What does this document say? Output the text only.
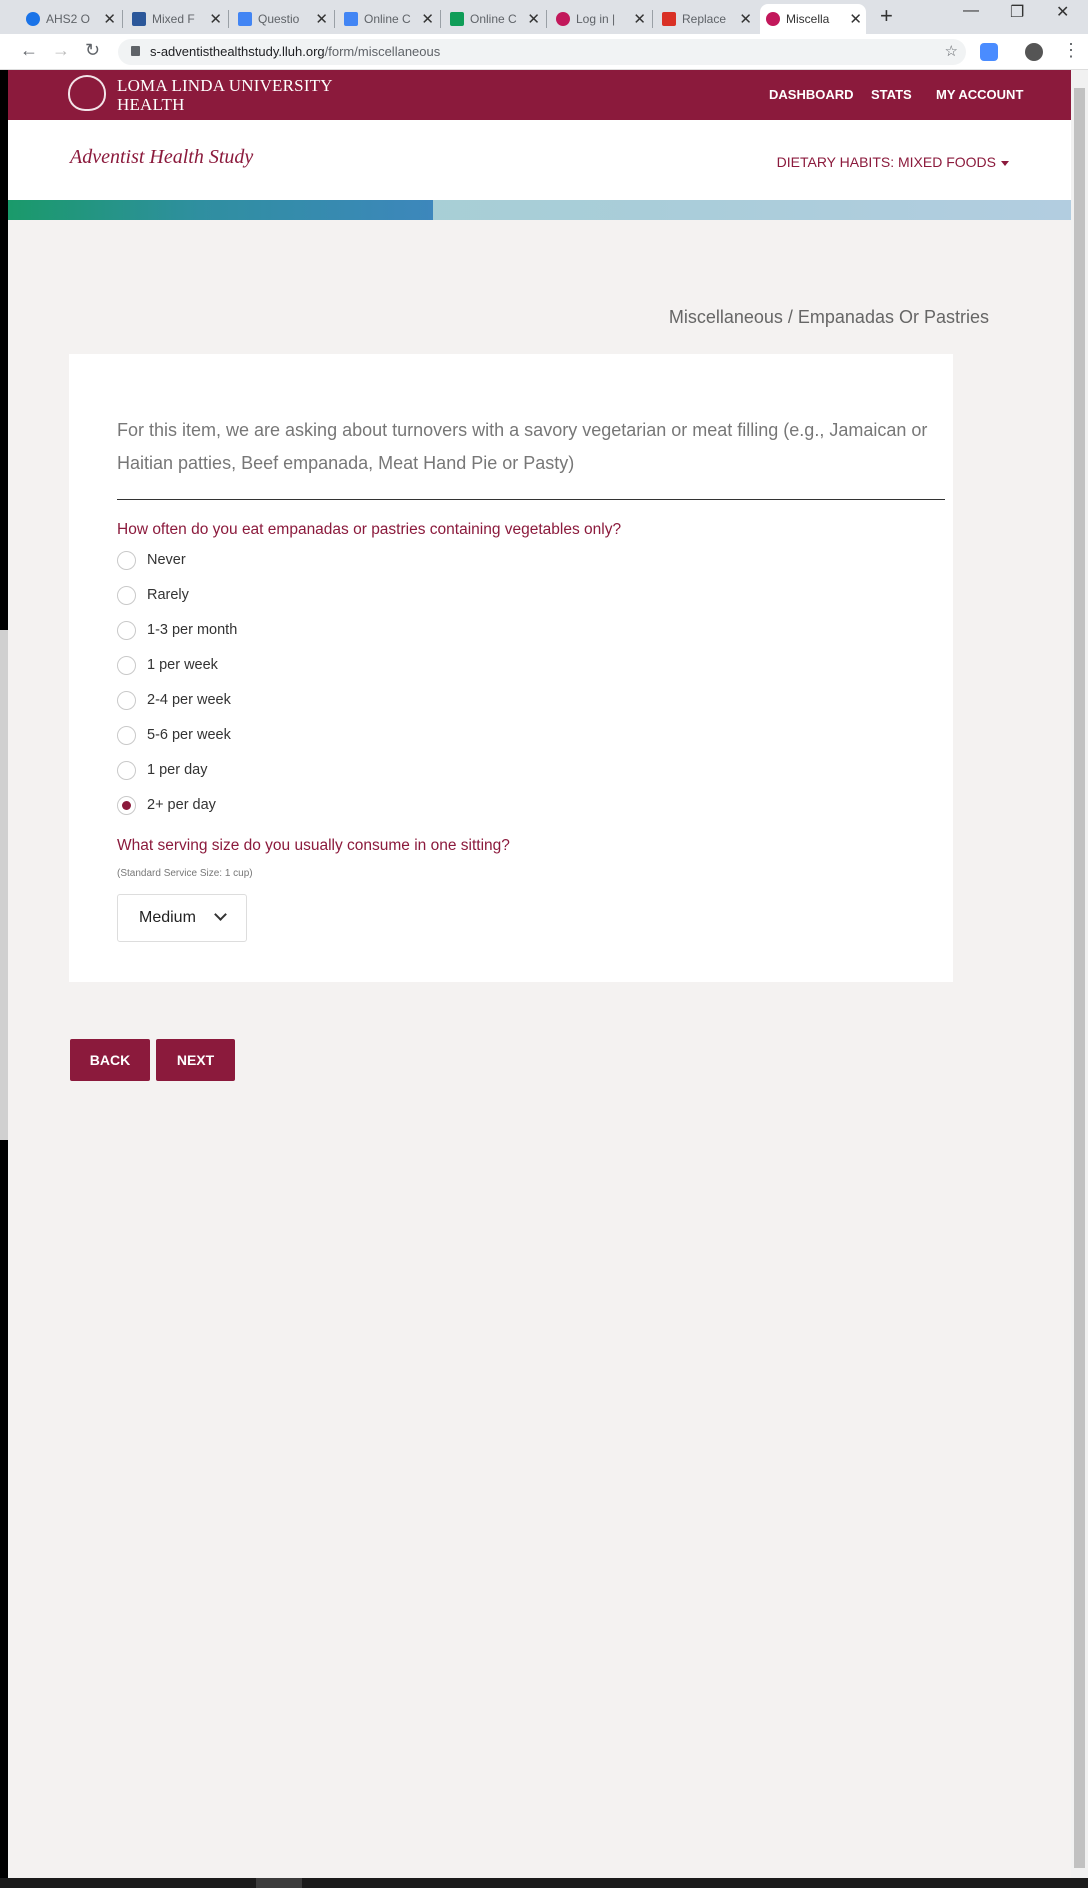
AHS2 O ✕	Mixed F ✕	Questio	✕	Online C ✕	Online C ✕	Log in |	✕	Replace ✕	Miscella	✕ +	— ❐ ✕
← → ↻	s-adventisthealthstudy.lluh.org/form/miscellaneous	☆	⋮
LOMA LINDA UNIVERSITY
HEALTH
DASHBOARD STATS MY ACCOUNT
Adventist Health Study	DIETARY HABITS: MIXED FOODS
Miscellaneous / Empanadas Or Pastries
For this item, we are asking about turnovers with a savory vegetarian or meat filling (e.g., Jamaican or Haitian patties, Beef empanada, Meat Hand Pie or Pasty)
How often do you eat empanadas or pastries containing vegetables only?
Never
Rarely
1-3 per month
1 per week
2-4 per week
5-6 per week
1 per day
2+ per day
What serving size do you usually consume in one sitting?
(Standard Service Size: 1 cup)
Medium
BACK	NEXT
